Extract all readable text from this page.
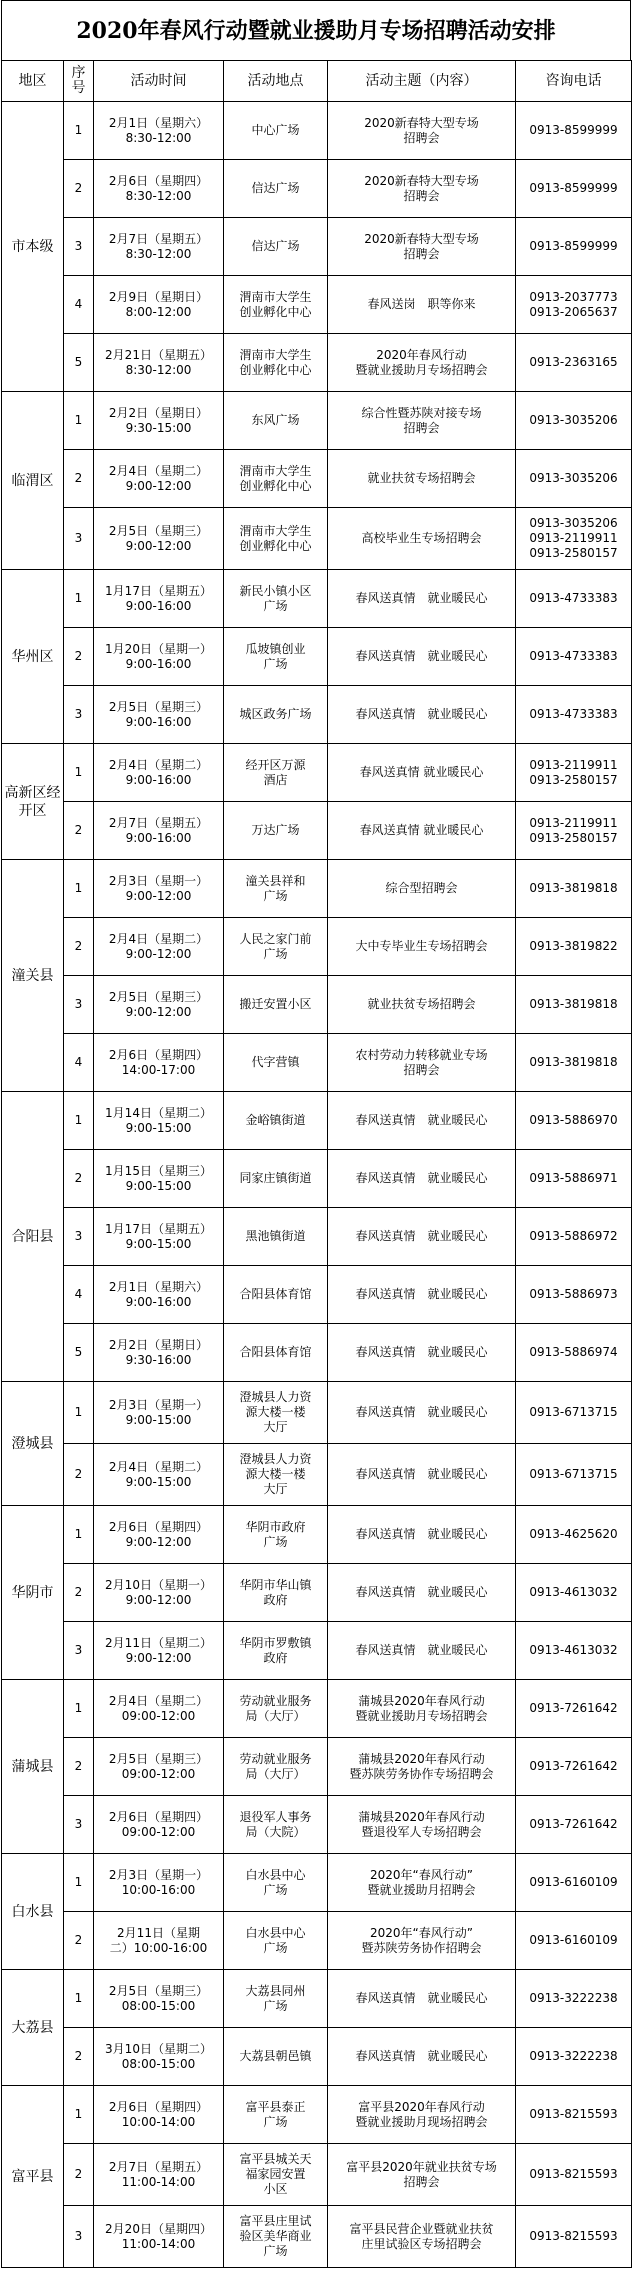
2020年春风行动暨就业援助月专场招聘活动安排
地区	序号	活动时间	活动地点	活动主题（内容）	咨询电话
市本级	1	2月1日（星期六）
8:30-12:00	中心广场	2020新春特大型专场
招聘会	0913-8599999

	2	2月6日（星期四）
8:30-12:00	信达广场	2020新春特大型专场
招聘会	0913-8599999

	3	2月7日（星期五）
8:30-12:00	信达广场	2020新春特大型专场
招聘会	0913-8599999

	4	2月9日（星期日）
8:00-12:00	渭南市大学生
创业孵化中心	春风送岗　职等你来	0913-2037773
0913-2065637

	5	2月21日（星期五）8:30-12:00	渭南市大学生
创业孵化中心	2020年春风行动
暨就业援助月专场招聘会	0913-2363165

临渭区	1	2月2日（星期日）
9:30-15:00	东风广场	综合性暨苏陕对接专场
招聘会	0913-3035206

	2	2月4日（星期二）
9:00-12:00	渭南市大学生
创业孵化中心	就业扶贫专场招聘会	0913-3035206

	3	2月5日（星期三）
9:00-12:00	渭南市大学生
创业孵化中心	高校毕业生专场招聘会	0913-3035206
0913-2119911
0913-2580157

华州区	1	1月17日（星期五）
9:00-16:00	新民小镇小区
广场	春风送真情　就业暖民心	0913-4733383

	2	1月20日（星期一）
9:00-16:00	瓜坡镇创业
广场	春风送真情　就业暖民心	0913-4733383

	3	2月5日（星期三）
9:00-16:00	城区政务广场	春风送真情　就业暖民心	0913-4733383

高新区经开区	1	2月4日（星期二）
9:00-16:00	经开区万源
酒店	春风送真情 就业暖民心	0913-2119911
0913-2580157

	2	2月7日（星期五）
9:00-16:00	万达广场	春风送真情 就业暖民心	0913-2119911
0913-2580157

潼关县	1	2月3日（星期一）
9:00-12:00	潼关县祥和
广场	综合型招聘会	0913-3819818

	2	2月4日（星期二）
9:00-12:00	人民之家门前
广场	大中专毕业生专场招聘会	0913-3819822

	3	2月5日（星期三）
9:00-12:00	搬迁安置小区	就业扶贫专场招聘会	0913-3819818

	4	2月6日（星期四）
14:00-17:00	代字营镇	农村劳动力转移就业专场
招聘会	0913-3819818

合阳县	1	1月14日（星期二）
9:00-15:00	金峪镇街道	春风送真情　就业暖民心	0913-5886970

	2	1月15日（星期三）
9:00-15:00	同家庄镇街道	春风送真情　就业暖民心	0913-5886971

	3	1月17日（星期五）
9:00-15:00	黑池镇街道	春风送真情　就业暖民心	0913-5886972

	4	2月1日（星期六）
9:00-16:00	合阳县体育馆	春风送真情　就业暖民心	0913-5886973

	5	2月2日（星期日）
9:30-16:00	合阳县体育馆	春风送真情　就业暖民心	0913-5886974

澄城县	1	2月3日（星期一）
9:00-15:00	澄城县人力资
源大楼一楼
大厅	春风送真情　就业暖民心	0913-6713715

	2	2月4日（星期二）
9:00-15:00	澄城县人力资
源大楼一楼
大厅	春风送真情　就业暖民心	0913-6713715

华阴市	1	2月6日（星期四）
9:00-12:00	华阴市政府
广场	春风送真情　就业暖民心	0913-4625620

	2	2月10日（星期一）
9:00-12:00	华阴市华山镇
政府	春风送真情　就业暖民心	0913-4613032

	3	2月11日（星期二）
9:00-12:00	华阴市罗敷镇
政府	春风送真情　就业暖民心	0913-4613032

蒲城县	1	2月4日（星期二）
09:00-12:00	劳动就业服务
局（大厅）	蒲城县2020年春风行动
暨就业援助月专场招聘会	0913-7261642

	2	2月5日（星期三）
09:00-12:00	劳动就业服务
局（大厅）	蒲城县2020年春风行动
暨苏陕劳务协作专场招聘会	0913-7261642

	3	2月6日（星期四）
09:00-12:00	退役军人事务
局（大院）	蒲城县2020年春风行动
暨退役军人专场招聘会	0913-7261642

白水县	1	2月3日（星期一）
10:00-16:00	白水县中心
广场	2020年“春风行动”
暨就业援助月招聘会	0913-6160109

	2	2月11日（星期
二）10:00-16:00	白水县中心
广场	2020年“春风行动”
暨苏陕劳务协作招聘会	0913-6160109

大荔县	1	2月5日（星期三）
08:00-15:00	大荔县同州
广场	春风送真情　就业暖民心	0913-3222238

	2	3月10日（星期二）
08:00-15:00	大荔县朝邑镇	春风送真情　就业暖民心	0913-3222238

富平县	1	2月6日（星期四）
10:00-14:00	富平县泰正
广场	富平县2020年春风行动
暨就业援助月现场招聘会	0913-8215593

	2	2月7日（星期五）
11:00-14:00	富平县城关天
福家园安置
小区	富平县2020年就业扶贫专场
招聘会	0913-8215593

	3	2月20日（星期四）
11:00-14:00	富平县庄里试
验区美华商业
广场	富平县民营企业暨就业扶贫
庄里试验区专场招聘会	0913-8215593
